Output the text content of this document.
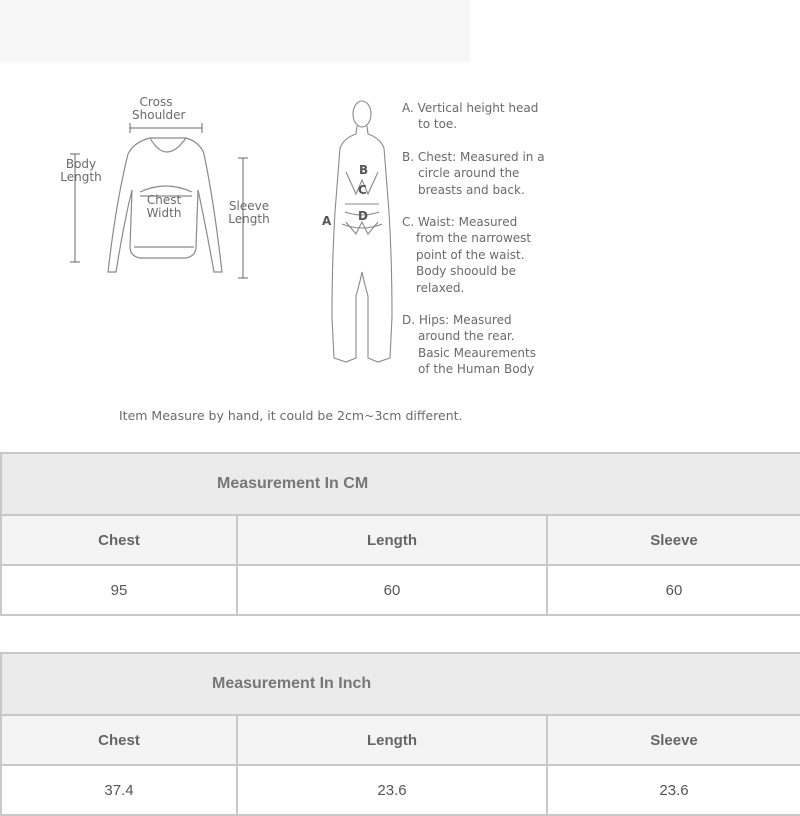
Cross
Shoulder
Body
Length
Chest
Width	Sleeve
Length	A
B
C
D
A. Vertical height head
to toe.
B. Chest: Measured in a
circle around the
breasts and back.
C. Waist: Measured
from the narrowest
point of the waist.
Body shoould be
relaxed.
D. Hips: Measured
around the rear.
Basic Meaurements
of the Human Body
Item Measure by hand, it could be 2cm~3cm different.
Measurement In CM		
Chest	Length	Sleeve
95	60	60
Measurement In Inch		
Chest	Length	Sleeve
37.4	23.6	23.6
